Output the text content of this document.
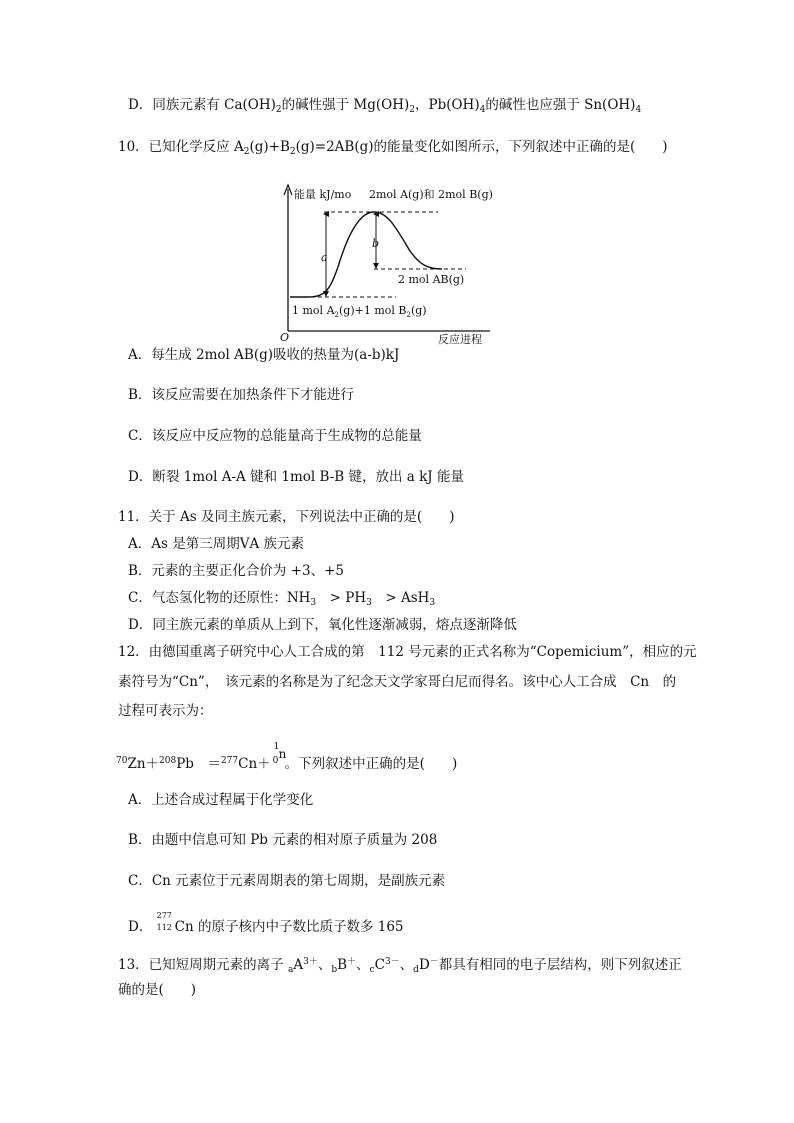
D．同族元素有 $Ca(OH)_2$的碱性强于 $Mg(OH)_2$，$Pb(OH)_4$的碱性也应强于 $Sn(OH)_4$
10．已知化学反应 $A_2(g)+B_2(g)=2AB(g)$的能量变化如图所示，下列叙述中正确的是(　　)
能量 kJ/mo 2mol A(g)和 2mol B(g)
a
b
2 mol AB(g)
1 mol $A_2(g)+1$ mol $B_2(g)$
O	反应进程
A．每生成 2mol AB(g)吸收的热量为(a-b)kJ
B．该反应需要在加热条件下才能进行
C．该反应中反应物的总能量高于生成物的总能量
D．断裂 1mol A-A 键和 1mol B-B 键，放出 a kJ 能量
11．关于 As 及同主族元素，下列说法中正确的是(　　)
A．As 是第三周期ⅤA 族元素
B．元素的主要正化合价为 +3、+5
C．气态氢化物的还原性：$NH_3$　> $PH_3$　> AsH$_3$
D．同主族元素的单质从上到下，氧化性逐渐减弱，熔点逐渐降低
12．由德国重离子研究中心人工合成的第　112 号元素的正式名称为“Copemicium”，相应的元
素符号为“Cn”，　该元素的名称是为了纪念天文学家哥白尼而得名。该中心人工合成　Cn　的
过程可表示为：
$^{70}$Zn＋$^{208}$Pb　＝$^{277}$Cn＋
1 n
0 。下列叙述中正确的是(　　)
A．上述合成过程属于化学变化
B．由题中信息可知 Pb 元素的相对原子质量为 208
C．Cn 元素位于元素周期表的第七周期，是副族元素
D．
277
112 Cn 的原子核内中子数比质子数多 165
13．已知短周期元素的离子 $_aA^{3+}$、$_b$B＋、$_cC^{3-}$、$_d$D－都具有相同的电子层结构，则下列叙述正
确的是(　　)
